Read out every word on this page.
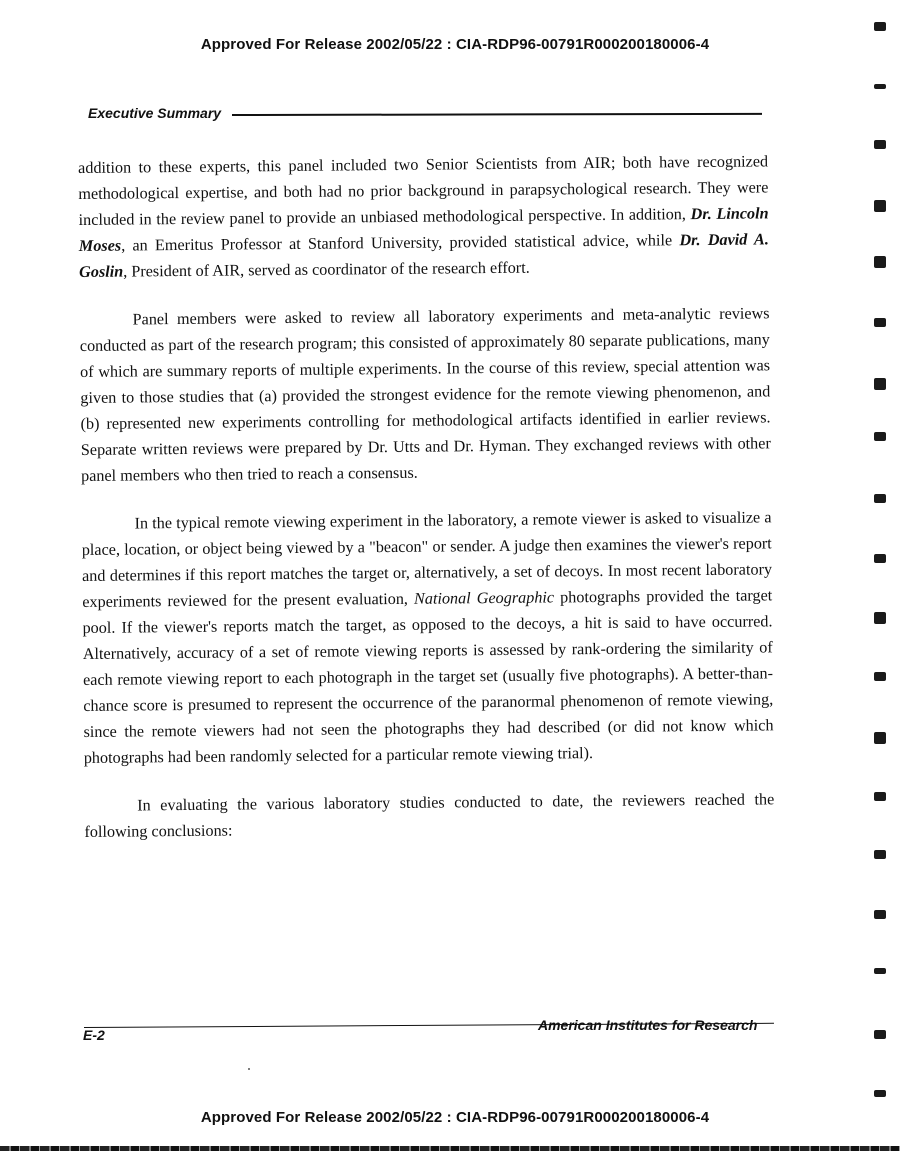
Approved For Release 2002/05/22 : CIA-RDP96-00791R000200180006-4
Executive Summary

addition to these experts, this panel included two Senior Scientists from AIR; both have recognized methodological expertise, and both had no prior background in parapsychological research. They were included in the review panel to provide an unbiased methodological perspective. In addition, Dr. Lincoln Moses, an Emeritus Professor at Stanford University, provided statistical advice, while Dr. David A. Goslin, President of AIR, served as coordinator of the research effort.

Panel members were asked to review all laboratory experiments and meta-analytic reviews conducted as part of the research program; this consisted of approximately 80 separate publications, many of which are summary reports of multiple experiments. In the course of this review, special attention was given to those studies that (a) provided the strongest evidence for the remote viewing phenomenon, and (b) represented new experiments controlling for methodological artifacts identified in earlier reviews. Separate written reviews were prepared by Dr. Utts and Dr. Hyman. They exchanged reviews with other panel members who then tried to reach a consensus.

In the typical remote viewing experiment in the laboratory, a remote viewer is asked to visualize a place, location, or object being viewed by a "beacon" or sender. A judge then examines the viewer's report and determines if this report matches the target or, alternatively, a set of decoys. In most recent laboratory experiments reviewed for the present evaluation, National Geographic photographs provided the target pool. If the viewer's reports match the target, as opposed to the decoys, a hit is said to have occurred. Alternatively, accuracy of a set of remote viewing reports is assessed by rank-ordering the similarity of each remote viewing report to each photograph in the target set (usually five photographs). A better-than-chance score is presumed to represent the occurrence of the paranormal phenomenon of remote viewing, since the remote viewers had not seen the photographs they had described (or did not know which photographs had been randomly selected for a particular remote viewing trial).

In evaluating the various laboratory studies conducted to date, the reviewers reached the following conclusions:

E-2
American Institutes for Research
Approved For Release 2002/05/22 : CIA-RDP96-00791R000200180006-4
